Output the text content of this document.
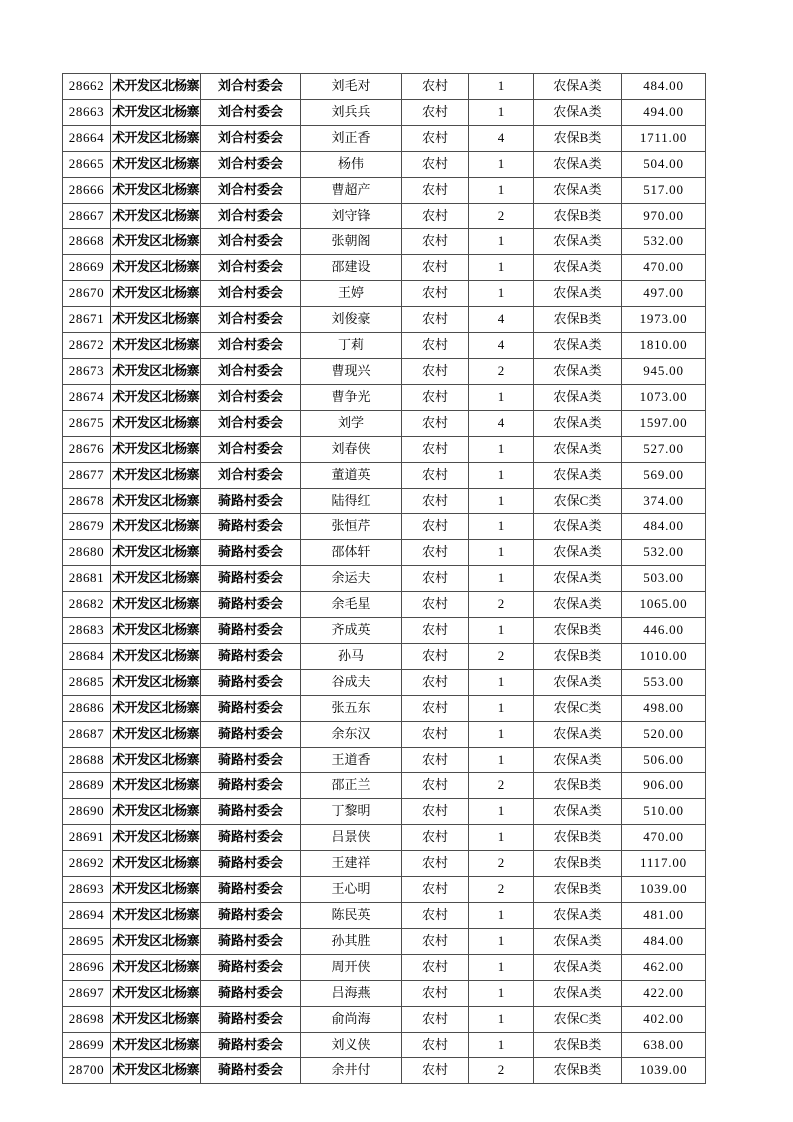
28662	术开发区北杨寨	刘合村委会	刘毛对	农村	1	农保A类	484.00
28663	术开发区北杨寨	刘合村委会	刘兵兵	农村	1	农保A类	494.00
28664	术开发区北杨寨	刘合村委会	刘正香	农村	4	农保B类	1711.00
28665	术开发区北杨寨	刘合村委会	杨伟	农村	1	农保A类	504.00
28666	术开发区北杨寨	刘合村委会	曹超产	农村	1	农保A类	517.00
28667	术开发区北杨寨	刘合村委会	刘守锋	农村	2	农保B类	970.00
28668	术开发区北杨寨	刘合村委会	张朝阁	农村	1	农保A类	532.00
28669	术开发区北杨寨	刘合村委会	邵建设	农村	1	农保A类	470.00
28670	术开发区北杨寨	刘合村委会	王婷	农村	1	农保A类	497.00
28671	术开发区北杨寨	刘合村委会	刘俊豪	农村	4	农保B类	1973.00
28672	术开发区北杨寨	刘合村委会	丁莉	农村	4	农保A类	1810.00
28673	术开发区北杨寨	刘合村委会	曹现兴	农村	2	农保A类	945.00
28674	术开发区北杨寨	刘合村委会	曹争光	农村	1	农保A类	1073.00
28675	术开发区北杨寨	刘合村委会	刘学	农村	4	农保A类	1597.00
28676	术开发区北杨寨	刘合村委会	刘春侠	农村	1	农保A类	527.00
28677	术开发区北杨寨	刘合村委会	董道英	农村	1	农保A类	569.00
28678	术开发区北杨寨	骑路村委会	陆得红	农村	1	农保C类	374.00
28679	术开发区北杨寨	骑路村委会	张恒芹	农村	1	农保A类	484.00
28680	术开发区北杨寨	骑路村委会	邵体轩	农村	1	农保A类	532.00
28681	术开发区北杨寨	骑路村委会	余运夫	农村	1	农保A类	503.00
28682	术开发区北杨寨	骑路村委会	余毛星	农村	2	农保A类	1065.00
28683	术开发区北杨寨	骑路村委会	齐成英	农村	1	农保B类	446.00
28684	术开发区北杨寨	骑路村委会	孙马	农村	2	农保B类	1010.00
28685	术开发区北杨寨	骑路村委会	谷成夫	农村	1	农保A类	553.00
28686	术开发区北杨寨	骑路村委会	张五东	农村	1	农保C类	498.00
28687	术开发区北杨寨	骑路村委会	余东汉	农村	1	农保A类	520.00
28688	术开发区北杨寨	骑路村委会	王道香	农村	1	农保A类	506.00
28689	术开发区北杨寨	骑路村委会	邵正兰	农村	2	农保B类	906.00
28690	术开发区北杨寨	骑路村委会	丁黎明	农村	1	农保A类	510.00
28691	术开发区北杨寨	骑路村委会	吕景侠	农村	1	农保B类	470.00
28692	术开发区北杨寨	骑路村委会	王建祥	农村	2	农保B类	1117.00
28693	术开发区北杨寨	骑路村委会	王心明	农村	2	农保B类	1039.00
28694	术开发区北杨寨	骑路村委会	陈民英	农村	1	农保A类	481.00
28695	术开发区北杨寨	骑路村委会	孙其胜	农村	1	农保A类	484.00
28696	术开发区北杨寨	骑路村委会	周开侠	农村	1	农保A类	462.00
28697	术开发区北杨寨	骑路村委会	吕海燕	农村	1	农保A类	422.00
28698	术开发区北杨寨	骑路村委会	俞尚海	农村	1	农保C类	402.00
28699	术开发区北杨寨	骑路村委会	刘义侠	农村	1	农保B类	638.00
28700	术开发区北杨寨	骑路村委会	余井付	农村	2	农保B类	1039.00
